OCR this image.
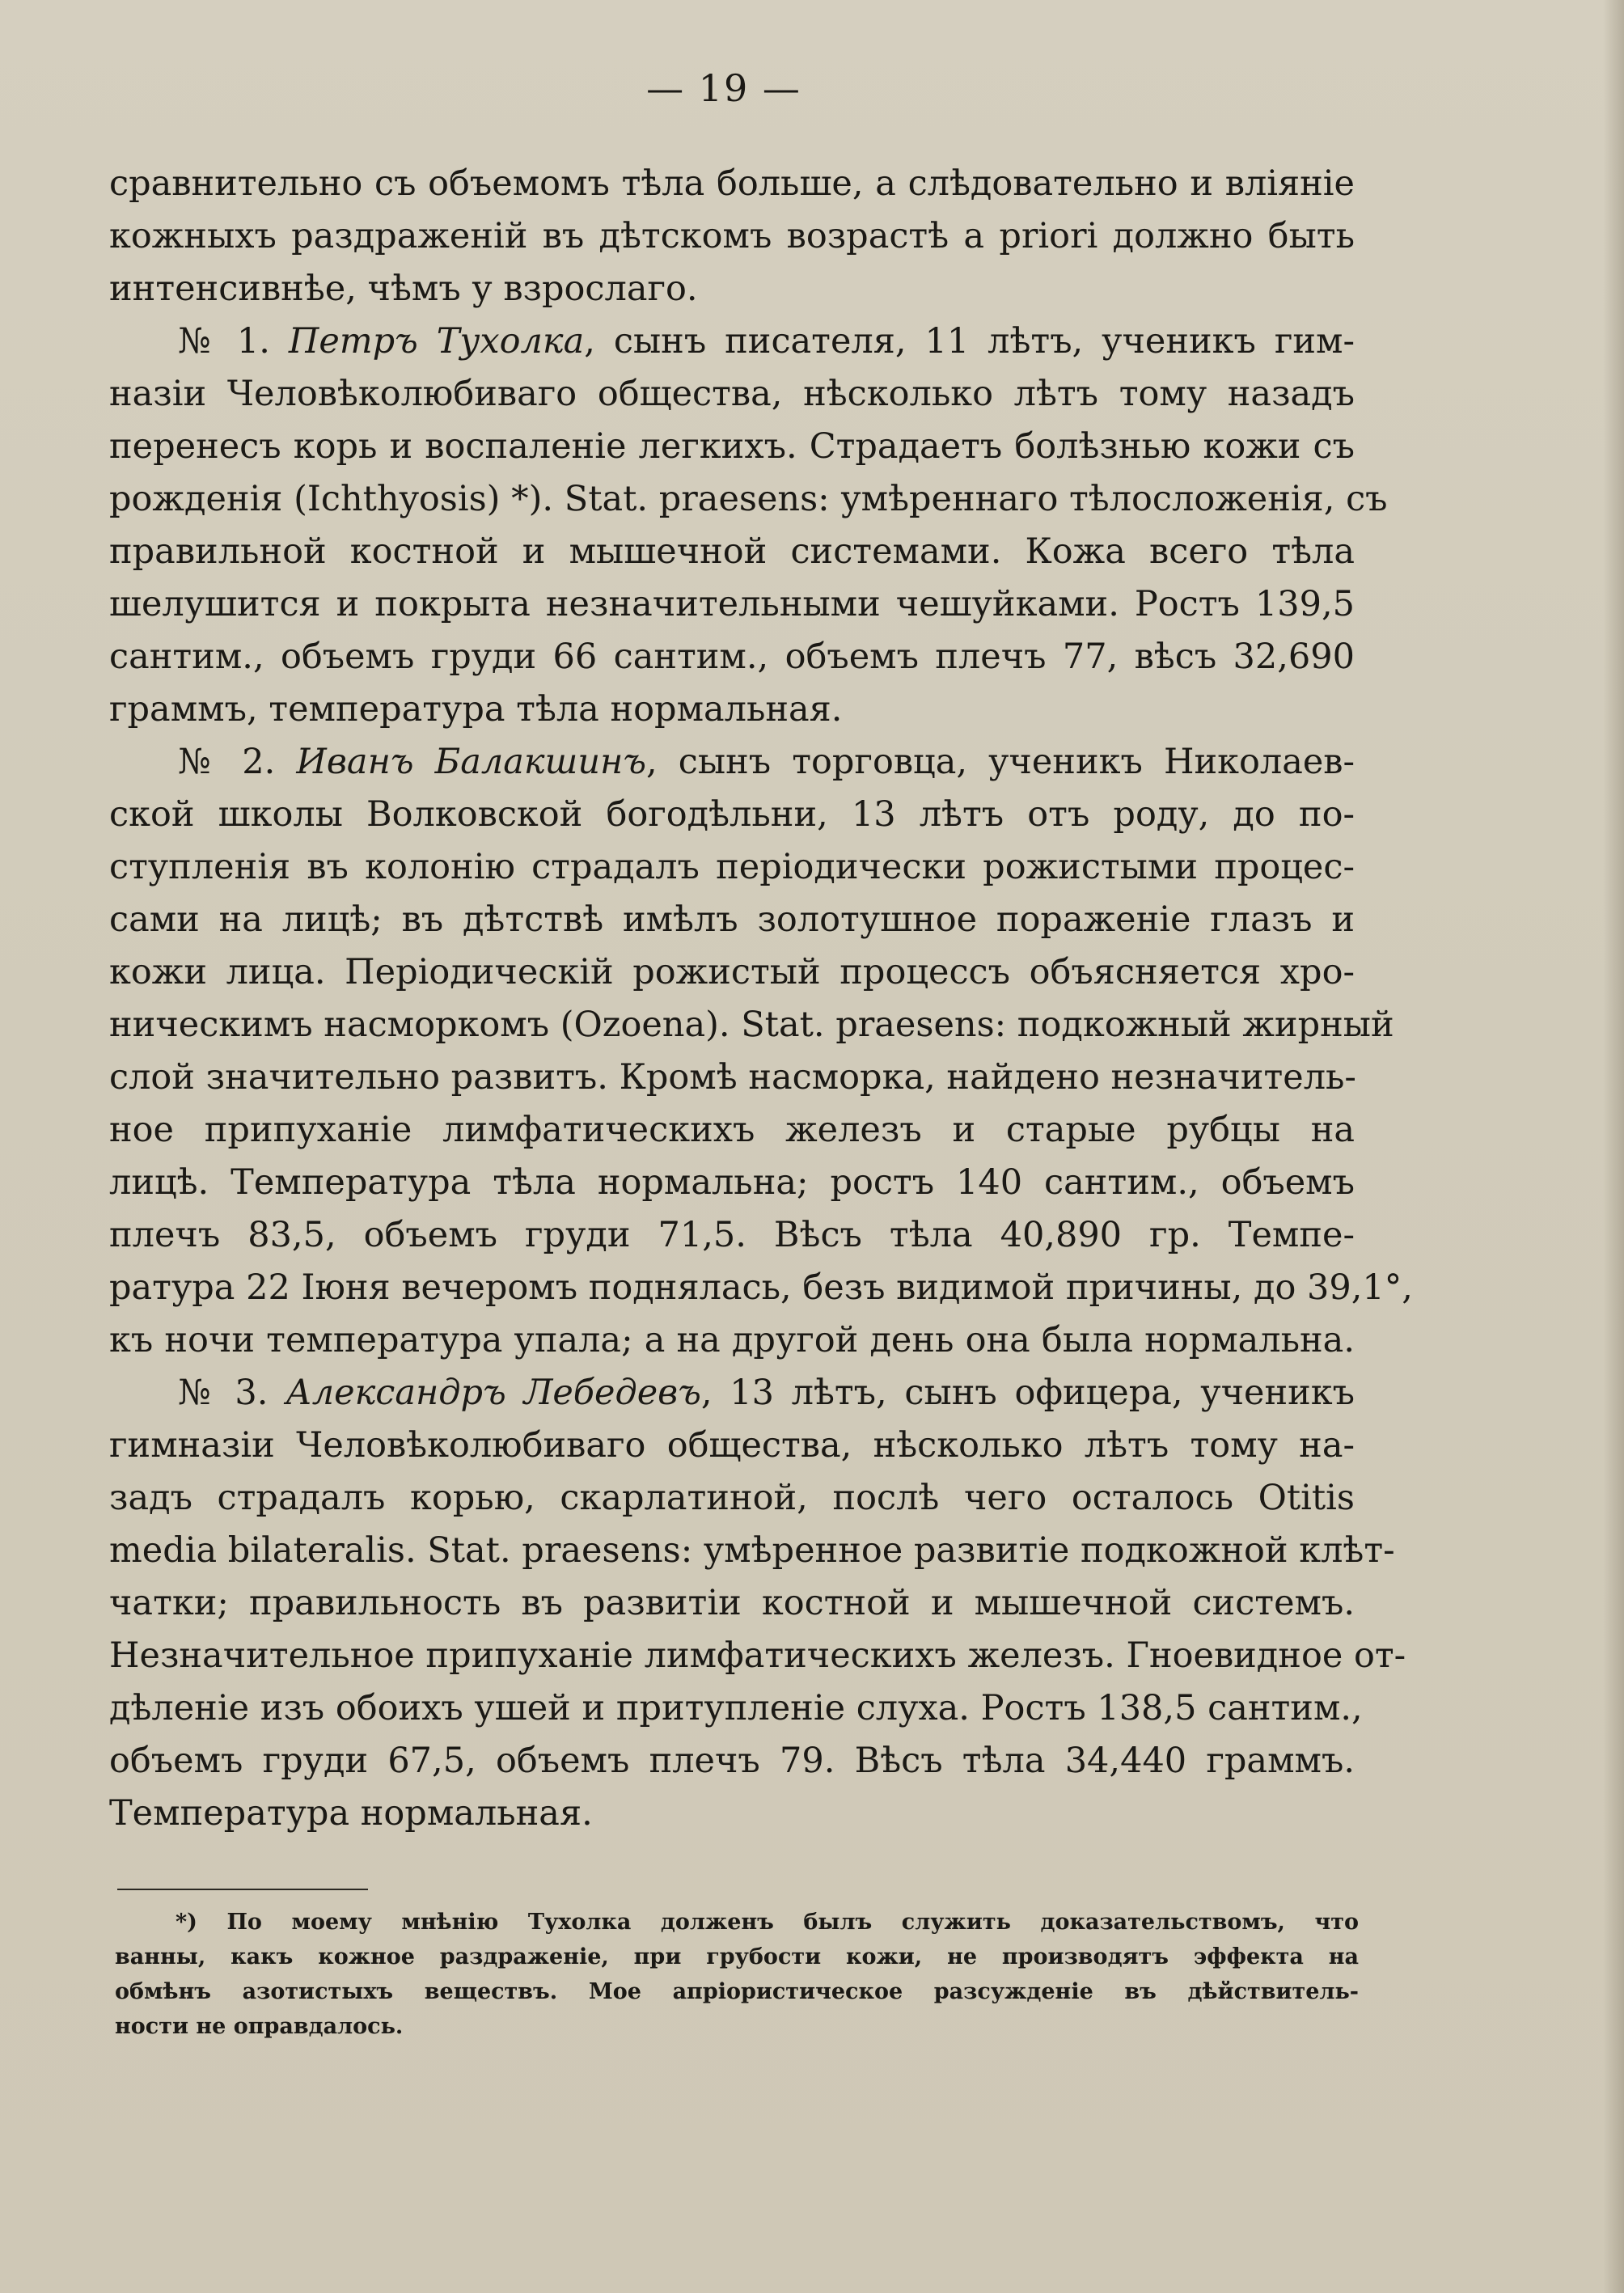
— 19 —
сравнительно съ объемомъ тѣла больше, а слѣдовательно и вліяніе
кожныхъ раздраженій въ дѣтскомъ возрастѣ a priori должно быть
интенсивнѣе, чѣмъ у взрослаго.
№ 1. Петръ Тухолка, сынъ писателя, 11 лѣтъ, ученикъ гим-
назіи Человѣколюбиваго общества, нѣсколько лѣтъ тому назадъ
перенесъ корь и воспаленіе легкихъ. Страдаетъ болѣзнью кожи съ
рожденія (Ichthyosis) *). Stat. praesens: умѣреннаго тѣлосложенія, съ
правильной костной и мышечной системами. Кожа всего тѣла
шелушится и покрыта незначительными чешуйками. Ростъ 139,5
сантим., объемъ груди 66 сантим., объемъ плечъ 77, вѣсъ 32,690
граммъ, температура тѣла нормальная.
№ 2. Иванъ Балакшинъ, сынъ торговца, ученикъ Николаев-
ской школы Волковской богодѣльни, 13 лѣтъ отъ роду, до по-
ступленія въ колонію страдалъ періодически рожистыми процес-
сами на лицѣ; въ дѣтствѣ имѣлъ золотушное пораженіе глазъ и
кожи лица. Періодическій рожистый процессъ объясняется хро-
ническимъ насморкомъ (Ozoena). Stat. praesens: подкожный жирный
слой значительно развитъ. Кромѣ насморка, найдено незначитель-
ное припуханіе лимфатическихъ железъ и старые рубцы на
лицѣ. Температура тѣла нормальна; ростъ 140 сантим., объемъ
плечъ 83,5, объемъ груди 71,5. Вѣсъ тѣла 40,890 гр. Темпе-
ратура 22 Іюня вечеромъ поднялась, безъ видимой причины, до 39,1°,
къ ночи температура упала; а на другой день она была нормальна.
№ 3. Александръ Лебедевъ, 13 лѣтъ, сынъ офицера, ученикъ
гимназіи Человѣколюбиваго общества, нѣсколько лѣтъ тому на-
задъ страдалъ корью, скарлатиной, послѣ чего осталось Otitis
media bilateralis. Stat. praesens: умѣренное развитіе подкожной клѣт-
чатки; правильность въ развитіи костной и мышечной системъ.
Незначительное припуханіе лимфатическихъ железъ. Гноевидное от-
дѣленіе изъ обоихъ ушей и притупленіе слуха. Ростъ 138,5 сантим.,
объемъ груди 67,5, объемъ плечъ 79. Вѣсъ тѣла 34,440 граммъ.
Температура нормальная.
*) По моему мнѣнію Тухолка долженъ былъ служить доказательствомъ, что
ванны, какъ кожное раздраженіе, при грубости кожи, не производятъ эффекта на
обмѣнъ азотистыхъ веществъ. Мое апріористическое разсужденіе въ дѣйствитель-
ности не оправдалось.
